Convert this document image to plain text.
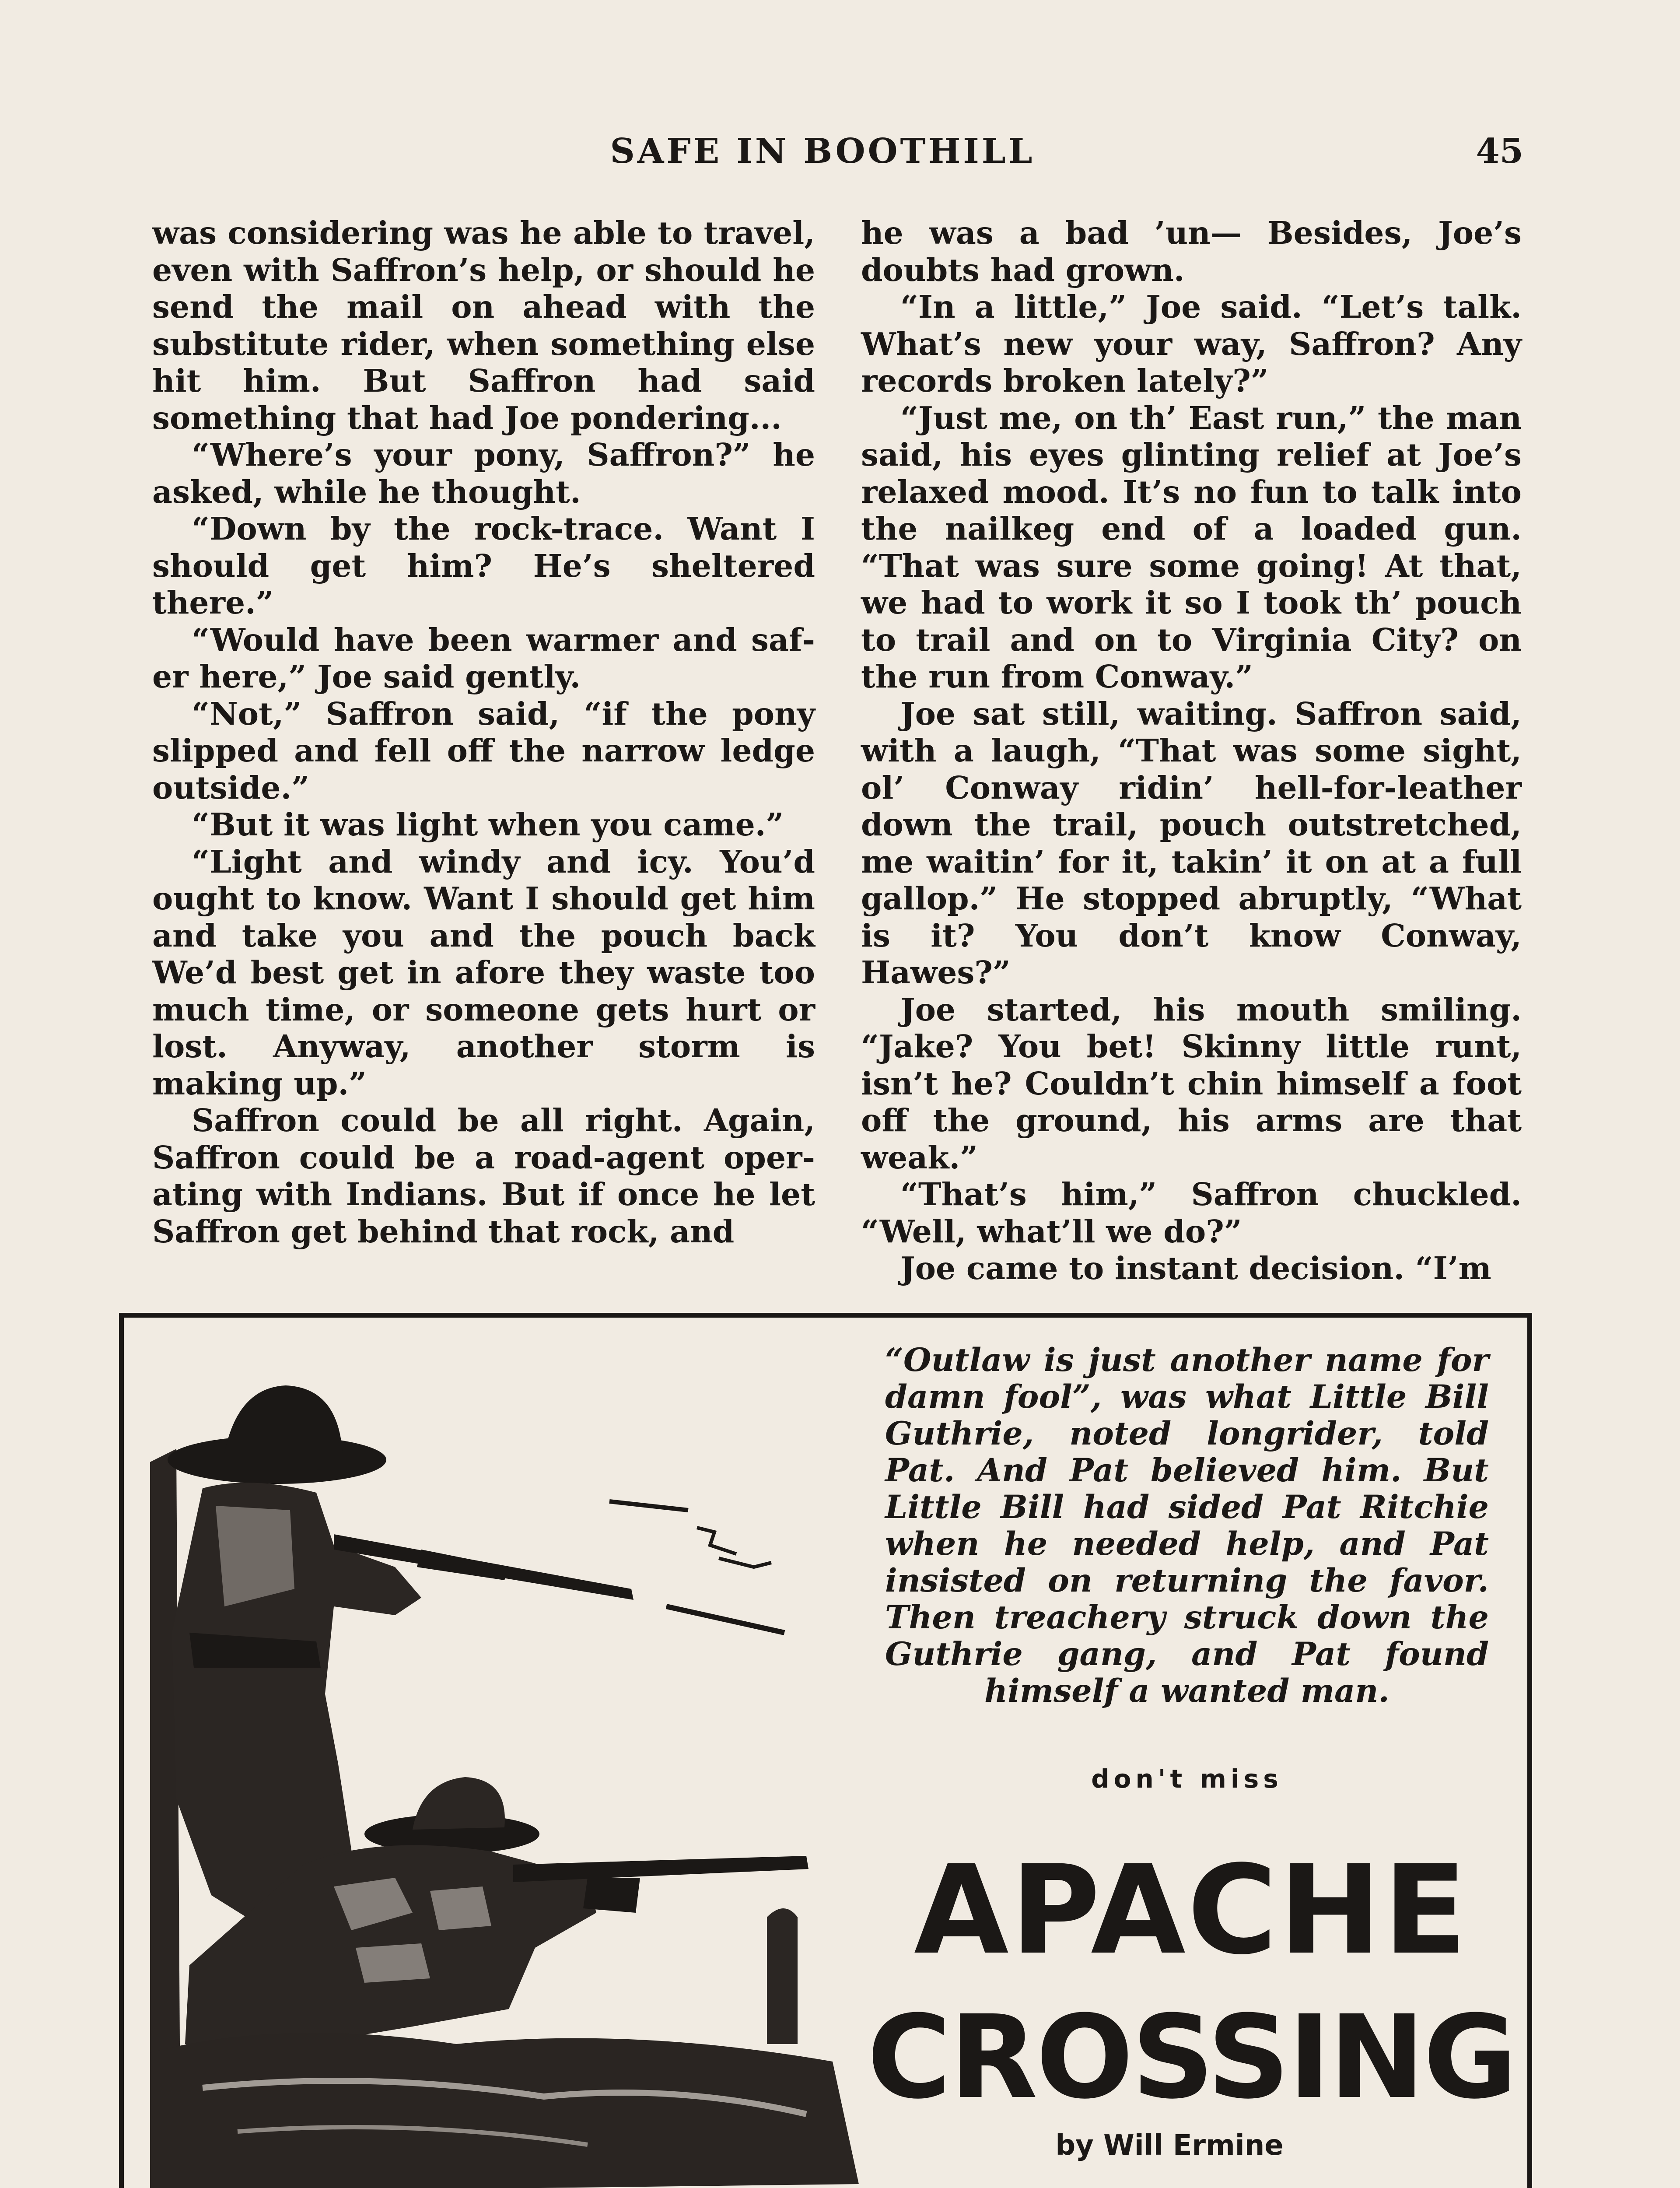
SAFE IN BOOTHILL	45

was considering was he able to travel, even with Saffron’s help, or should he send the mail on ahead with the substitute rider, when something else hit him. But Saffron had said something that had Joe pondering...

“Where’s your pony, Saffron?” he asked, while he thought.

“Down by the rock-trace. Want I should get him? He’s sheltered there.”

“Would have been warmer and safer here,” Joe said gently.

“Not,” Saffron said, “if the pony slipped and fell off the narrow ledge outside.”

“But it was light when you came.”

“Light and windy and icy. You’d ought to know. Want I should get him and take you and the pouch back We’d best get in afore they waste too much time, or someone gets hurt or lost. Anyway, another storm is making up.”

Saffron could be all right. Again, Saffron could be a road-agent operating with Indians. But if once he let Saffron get behind that rock, and

he was a bad ’un— Besides, Joe’s doubts had grown.

“In a little,” Joe said. “Let’s talk. What’s new your way, Saffron? Any records broken lately?”

“Just me, on th’ East run,” the man said, his eyes glinting relief at Joe’s relaxed mood. It’s no fun to talk into the nailkeg end of a loaded gun. “That was sure some going! At that, we had to work it so I took th’ pouch to trail and on to Virginia City? on the run from Conway.”

Joe sat still, waiting. Saffron said, with a laugh, “That was some sight, ol’ Conway ridin’ hell-for-leather down the trail, pouch outstretched, me waitin’ for it, takin’ it on at a full gallop.” He stopped abruptly, “What is it? You don’t know Conway, Hawes?”

Joe started, his mouth smiling. “Jake? You bet! Skinny little runt, isn’t he? Couldn’t chin himself a foot off the ground, his arms are that weak.”

“That’s him,” Saffron chuckled. “Well, what’ll we do?”

Joe came to instant decision. “I’m

“Outlaw is just another name for damn fool”, was what Little Bill Guthrie, noted longrider, told Pat. And Pat believed him. But Little Bill had sided Pat Ritchie when he needed help, and Pat insisted on returning the favor. Then treachery struck down the Guthrie gang, and Pat found himself a wanted man.
don't miss
APACHE
CROSSING
by Will Ermine
